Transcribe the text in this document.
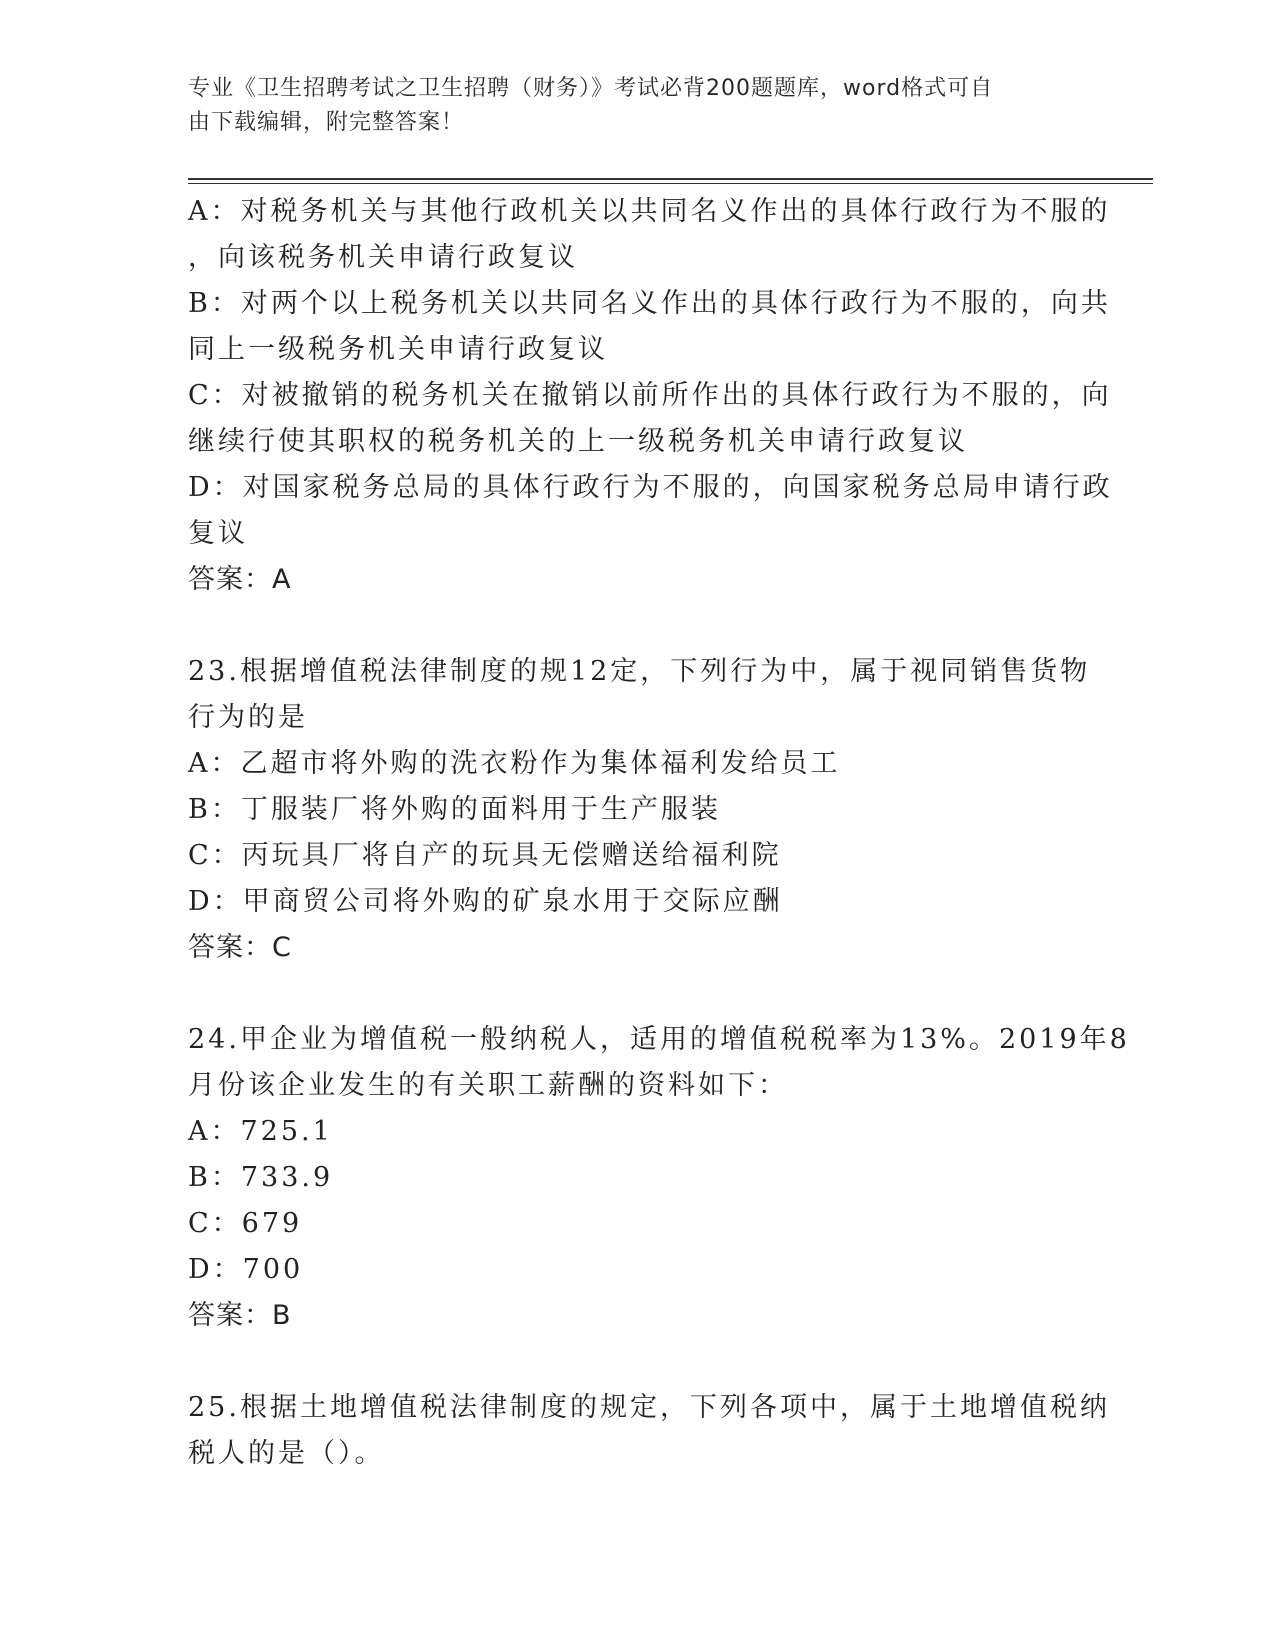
专业《卫生招聘考试之卫生招聘（财务）》考试必背200题题库，word格式可自
由下载编辑，附完整答案！
A：对税务机关与其他行政机关以共同名义作出的具体行政行为不服的
，向该税务机关申请行政复议
B：对两个以上税务机关以共同名义作出的具体行政行为不服的，向共
同上一级税务机关申请行政复议
C：对被撤销的税务机关在撤销以前所作出的具体行政行为不服的，向
继续行使其职权的税务机关的上一级税务机关申请行政复议
D：对国家税务总局的具体行政行为不服的，向国家税务总局申请行政
复议
答案：A
23.根据增值税法律制度的规12定，下列行为中，属于视同销售货物
行为的是
A：乙超市将外购的洗衣粉作为集体福利发给员工
B：丁服装厂将外购的面料用于生产服装
C：丙玩具厂将自产的玩具无偿赠送给福利院
D：甲商贸公司将外购的矿泉水用于交际应酬
答案：C
24.甲企业为增值税一般纳税人，适用的增值税税率为13%。2019年8
月份该企业发生的有关职工薪酬的资料如下：
A：725.1
B：733.9
C：679
D：700
答案：B
25.根据土地增值税法律制度的规定，下列各项中，属于土地增值税纳
税人的是（）。
